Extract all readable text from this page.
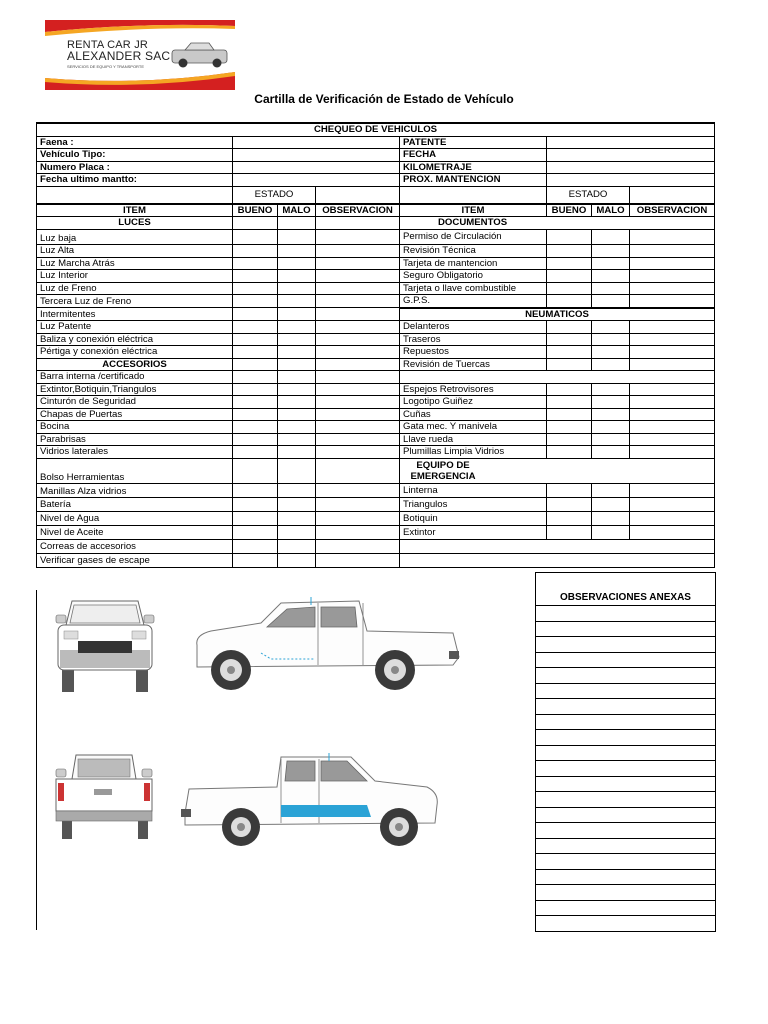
RENTA CAR JR
ALEXANDER SAC
SERVICIOS DE EQUIPO Y TRANSPORTE
Cartilla de Verificación de Estado de Vehículo
CHEQUEO DE VEHICULOS							
Faena :				PATENTE			
Vehículo Tipo:				FECHA			
Numero Placa :				KILOMETRAJE			
Fecha ultimo mantto:				PROX. MANTENCION			
	ESTADO				ESTADO		
ITEM	BUENO	MALO	OBSERVACION	ITEM	BUENO	MALO	OBSERVACION
LUCES				DOCUMENTOS			
Luz baja				Permiso de Circulación			
Luz Alta				Revisión Técnica			
Luz Marcha Atrás				Tarjeta de mantencion			
Luz Interior				Seguro Obligatorio			
Luz de Freno				Tarjeta o llave combustible			
Tercera Luz de Freno				G.P.S.			
Intermitentes				NEUMATICOS			
Luz Patente				Delanteros			
Baliza y conexión eléctrica				Traseros			
Pértiga y conexión eléctrica				Repuestos			
ACCESORIOS				Revisión de Tuercas			
Barra interna /certificado							
Extintor,Botiquin,Triangulos				Espejos Retrovisores			
Cinturón de Seguridad				Logotipo Guiñez			
Chapas de Puertas				Cuñas			
Bocina				Gata mec. Y manivela			
Parabrisas				Llave rueda			
Vidrios laterales				Plumillas Limpia Vidrios			
Bolso Herramientas				EQUIPO DE EMERGENCIA			

Manillas Alza vidrios				Linterna			
Batería				Triangulos			
Nivel de Agua				Botiquin			
Nivel de Aceite				Extintor			
Correas de accesorios							
Verificar gases de escape							
OBSERVACIONES ANEXAS
